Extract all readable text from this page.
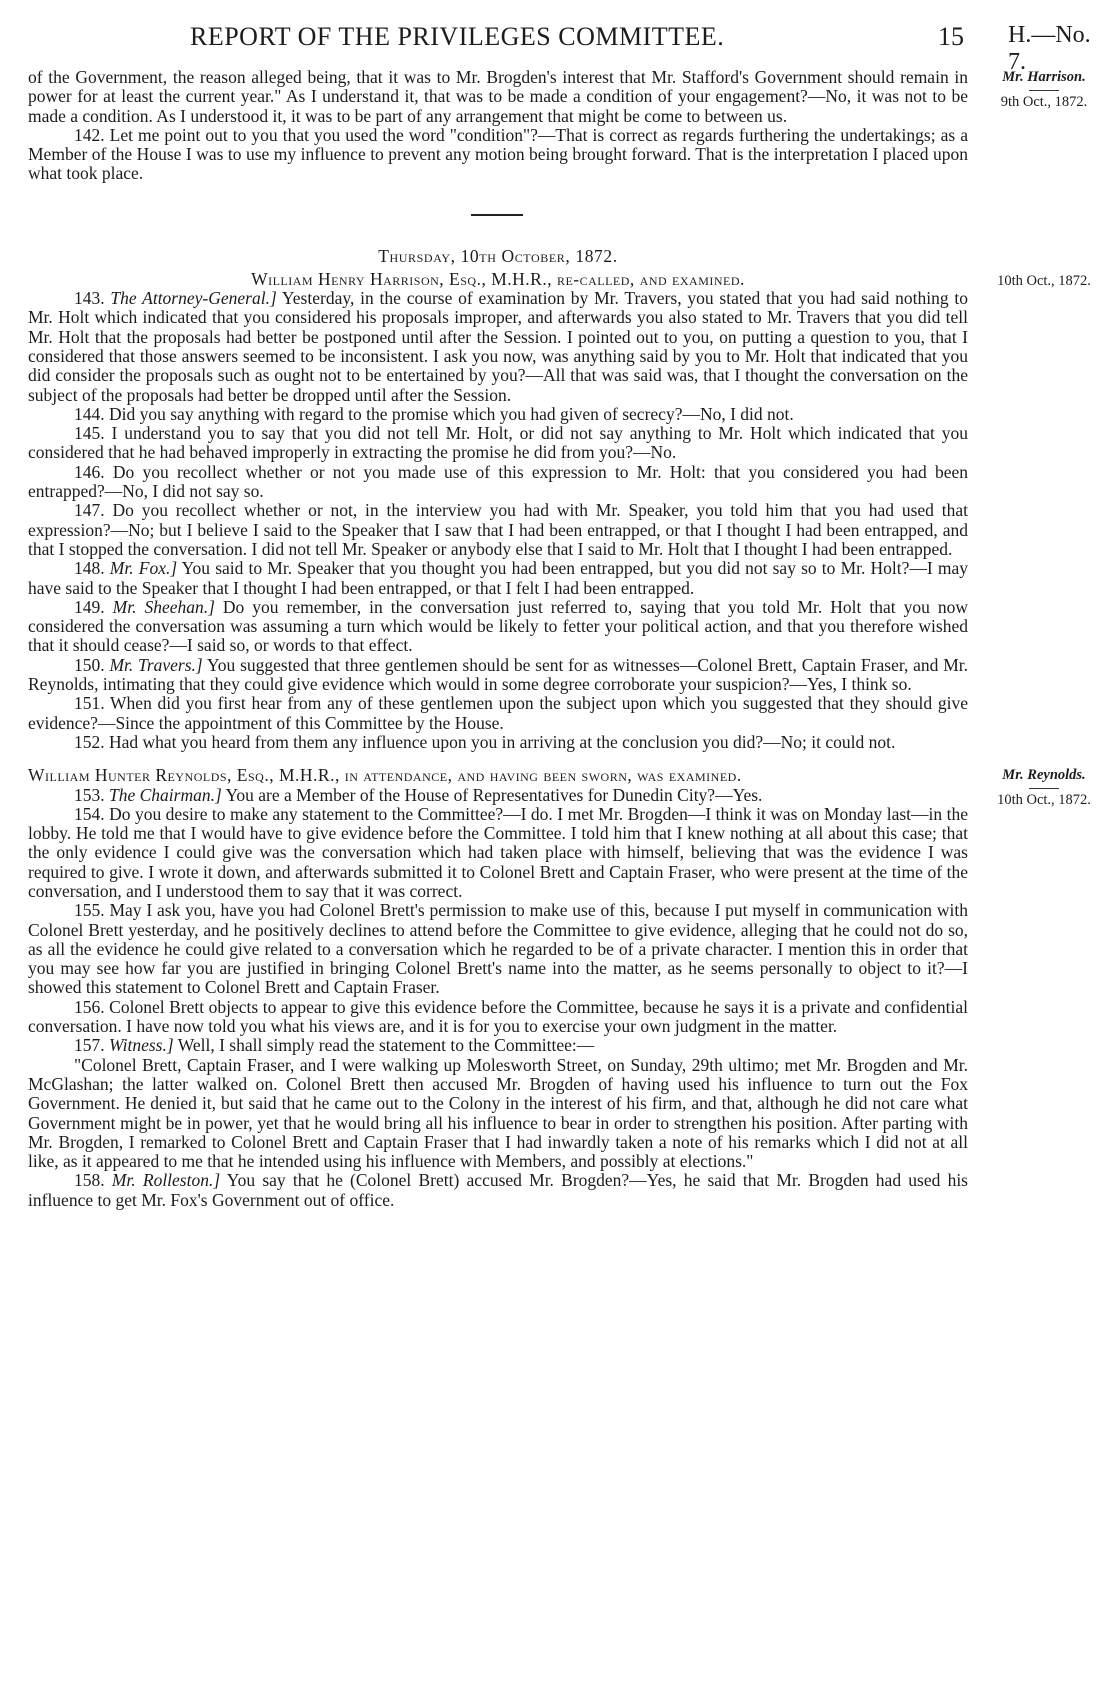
REPORT OF THE PRIVILEGES COMMITTEE.	15 H.—No. 7.
Mr. Harrison.
9th Oct., 1872.

of the Government, the reason alleged being, that it was to Mr. Brogden's interest that Mr. Stafford's Government should remain in power for at least the current year." As I understand it, that was to be made a condition of your engagement?—No, it was not to be made a condition. As I understood it, it was to be part of any arrangement that might be come to between us.

142. Let me point out to you that you used the word "condition"?—That is correct as regards furthering the undertakings; as a Member of the House I was to use my influence to prevent any motion being brought forward. That is the interpretation I placed upon what took place.

Thursday, 10th October, 1872.
10th Oct., 1872.

William Henry Harrison, Esq., M.H.R., re-called, and examined.

143. The Attorney-General.] Yesterday, in the course of examination by Mr. Travers, you stated that you had said nothing to Mr. Holt which indicated that you considered his proposals improper, and afterwards you also stated to Mr. Travers that you did tell Mr. Holt that the proposals had better be postponed until after the Session. I pointed out to you, on putting a question to you, that I considered that those answers seemed to be inconsistent. I ask you now, was anything said by you to Mr. Holt that indicated that you did consider the proposals such as ought not to be entertained by you?—All that was said was, that I thought the conversation on the subject of the proposals had better be dropped until after the Session.

144. Did you say anything with regard to the promise which you had given of secrecy?—No, I did not.

145. I understand you to say that you did not tell Mr. Holt, or did not say anything to Mr. Holt which indicated that you considered that he had behaved improperly in extracting the promise he did from you?—No.

146. Do you recollect whether or not you made use of this expression to Mr. Holt: that you considered you had been entrapped?—No, I did not say so.

147. Do you recollect whether or not, in the interview you had with Mr. Speaker, you told him that you had used that expression?—No; but I believe I said to the Speaker that I saw that I had been entrapped, or that I thought I had been entrapped, and that I stopped the conversation. I did not tell Mr. Speaker or anybody else that I said to Mr. Holt that I thought I had been entrapped.

148. Mr. Fox.] You said to Mr. Speaker that you thought you had been entrapped, but you did not say so to Mr. Holt?—I may have said to the Speaker that I thought I had been entrapped, or that I felt I had been entrapped.

149. Mr. Sheehan.] Do you remember, in the conversation just referred to, saying that you told Mr. Holt that you now considered the conversation was assuming a turn which would be likely to fetter your political action, and that you therefore wished that it should cease?—I said so, or words to that effect.

150. Mr. Travers.] You suggested that three gentlemen should be sent for as witnesses—Colonel Brett, Captain Fraser, and Mr. Reynolds, intimating that they could give evidence which would in some degree corroborate your suspicion?—Yes, I think so.

151. When did you first hear from any of these gentlemen upon the subject upon which you suggested that they should give evidence?—Since the appointment of this Committee by the House.

152. Had what you heard from them any influence upon you in arriving at the conclusion you did?—No; it could not.

Mr. Reynolds.
10th Oct., 1872.

William Hunter Reynolds, Esq., M.H.R., in attendance, and having been sworn, was examined.

153. The Chairman.] You are a Member of the House of Representatives for Dunedin City?—Yes.

154. Do you desire to make any statement to the Committee?—I do. I met Mr. Brogden—I think it was on Monday last—in the lobby. He told me that I would have to give evidence before the Committee. I told him that I knew nothing at all about this case; that the only evidence I could give was the conversation which had taken place with himself, believing that was the evidence I was required to give. I wrote it down, and afterwards submitted it to Colonel Brett and Captain Fraser, who were present at the time of the conversation, and I understood them to say that it was correct.

155. May I ask you, have you had Colonel Brett's permission to make use of this, because I put myself in communication with Colonel Brett yesterday, and he positively declines to attend before the Committee to give evidence, alleging that he could not do so, as all the evidence he could give related to a conversation which he regarded to be of a private character. I mention this in order that you may see how far you are justified in bringing Colonel Brett's name into the matter, as he seems personally to object to it?—I showed this statement to Colonel Brett and Captain Fraser.

156. Colonel Brett objects to appear to give this evidence before the Committee, because he says it is a private and confidential conversation. I have now told you what his views are, and it is for you to exercise your own judgment in the matter.

157. Witness.] Well, I shall simply read the statement to the Committee:—

"Colonel Brett, Captain Fraser, and I were walking up Molesworth Street, on Sunday, 29th ultimo; met Mr. Brogden and Mr. McGlashan; the latter walked on. Colonel Brett then accused Mr. Brogden of having used his influence to turn out the Fox Government. He denied it, but said that he came out to the Colony in the interest of his firm, and that, although he did not care what Government might be in power, yet that he would bring all his influence to bear in order to strengthen his position. After parting with Mr. Brogden, I remarked to Colonel Brett and Captain Fraser that I had inwardly taken a note of his remarks which I did not at all like, as it appeared to me that he intended using his influence with Members, and possibly at elections."

158. Mr. Rolleston.] You say that he (Colonel Brett) accused Mr. Brogden?—Yes, he said that Mr. Brogden had used his influence to get Mr. Fox's Government out of office.
